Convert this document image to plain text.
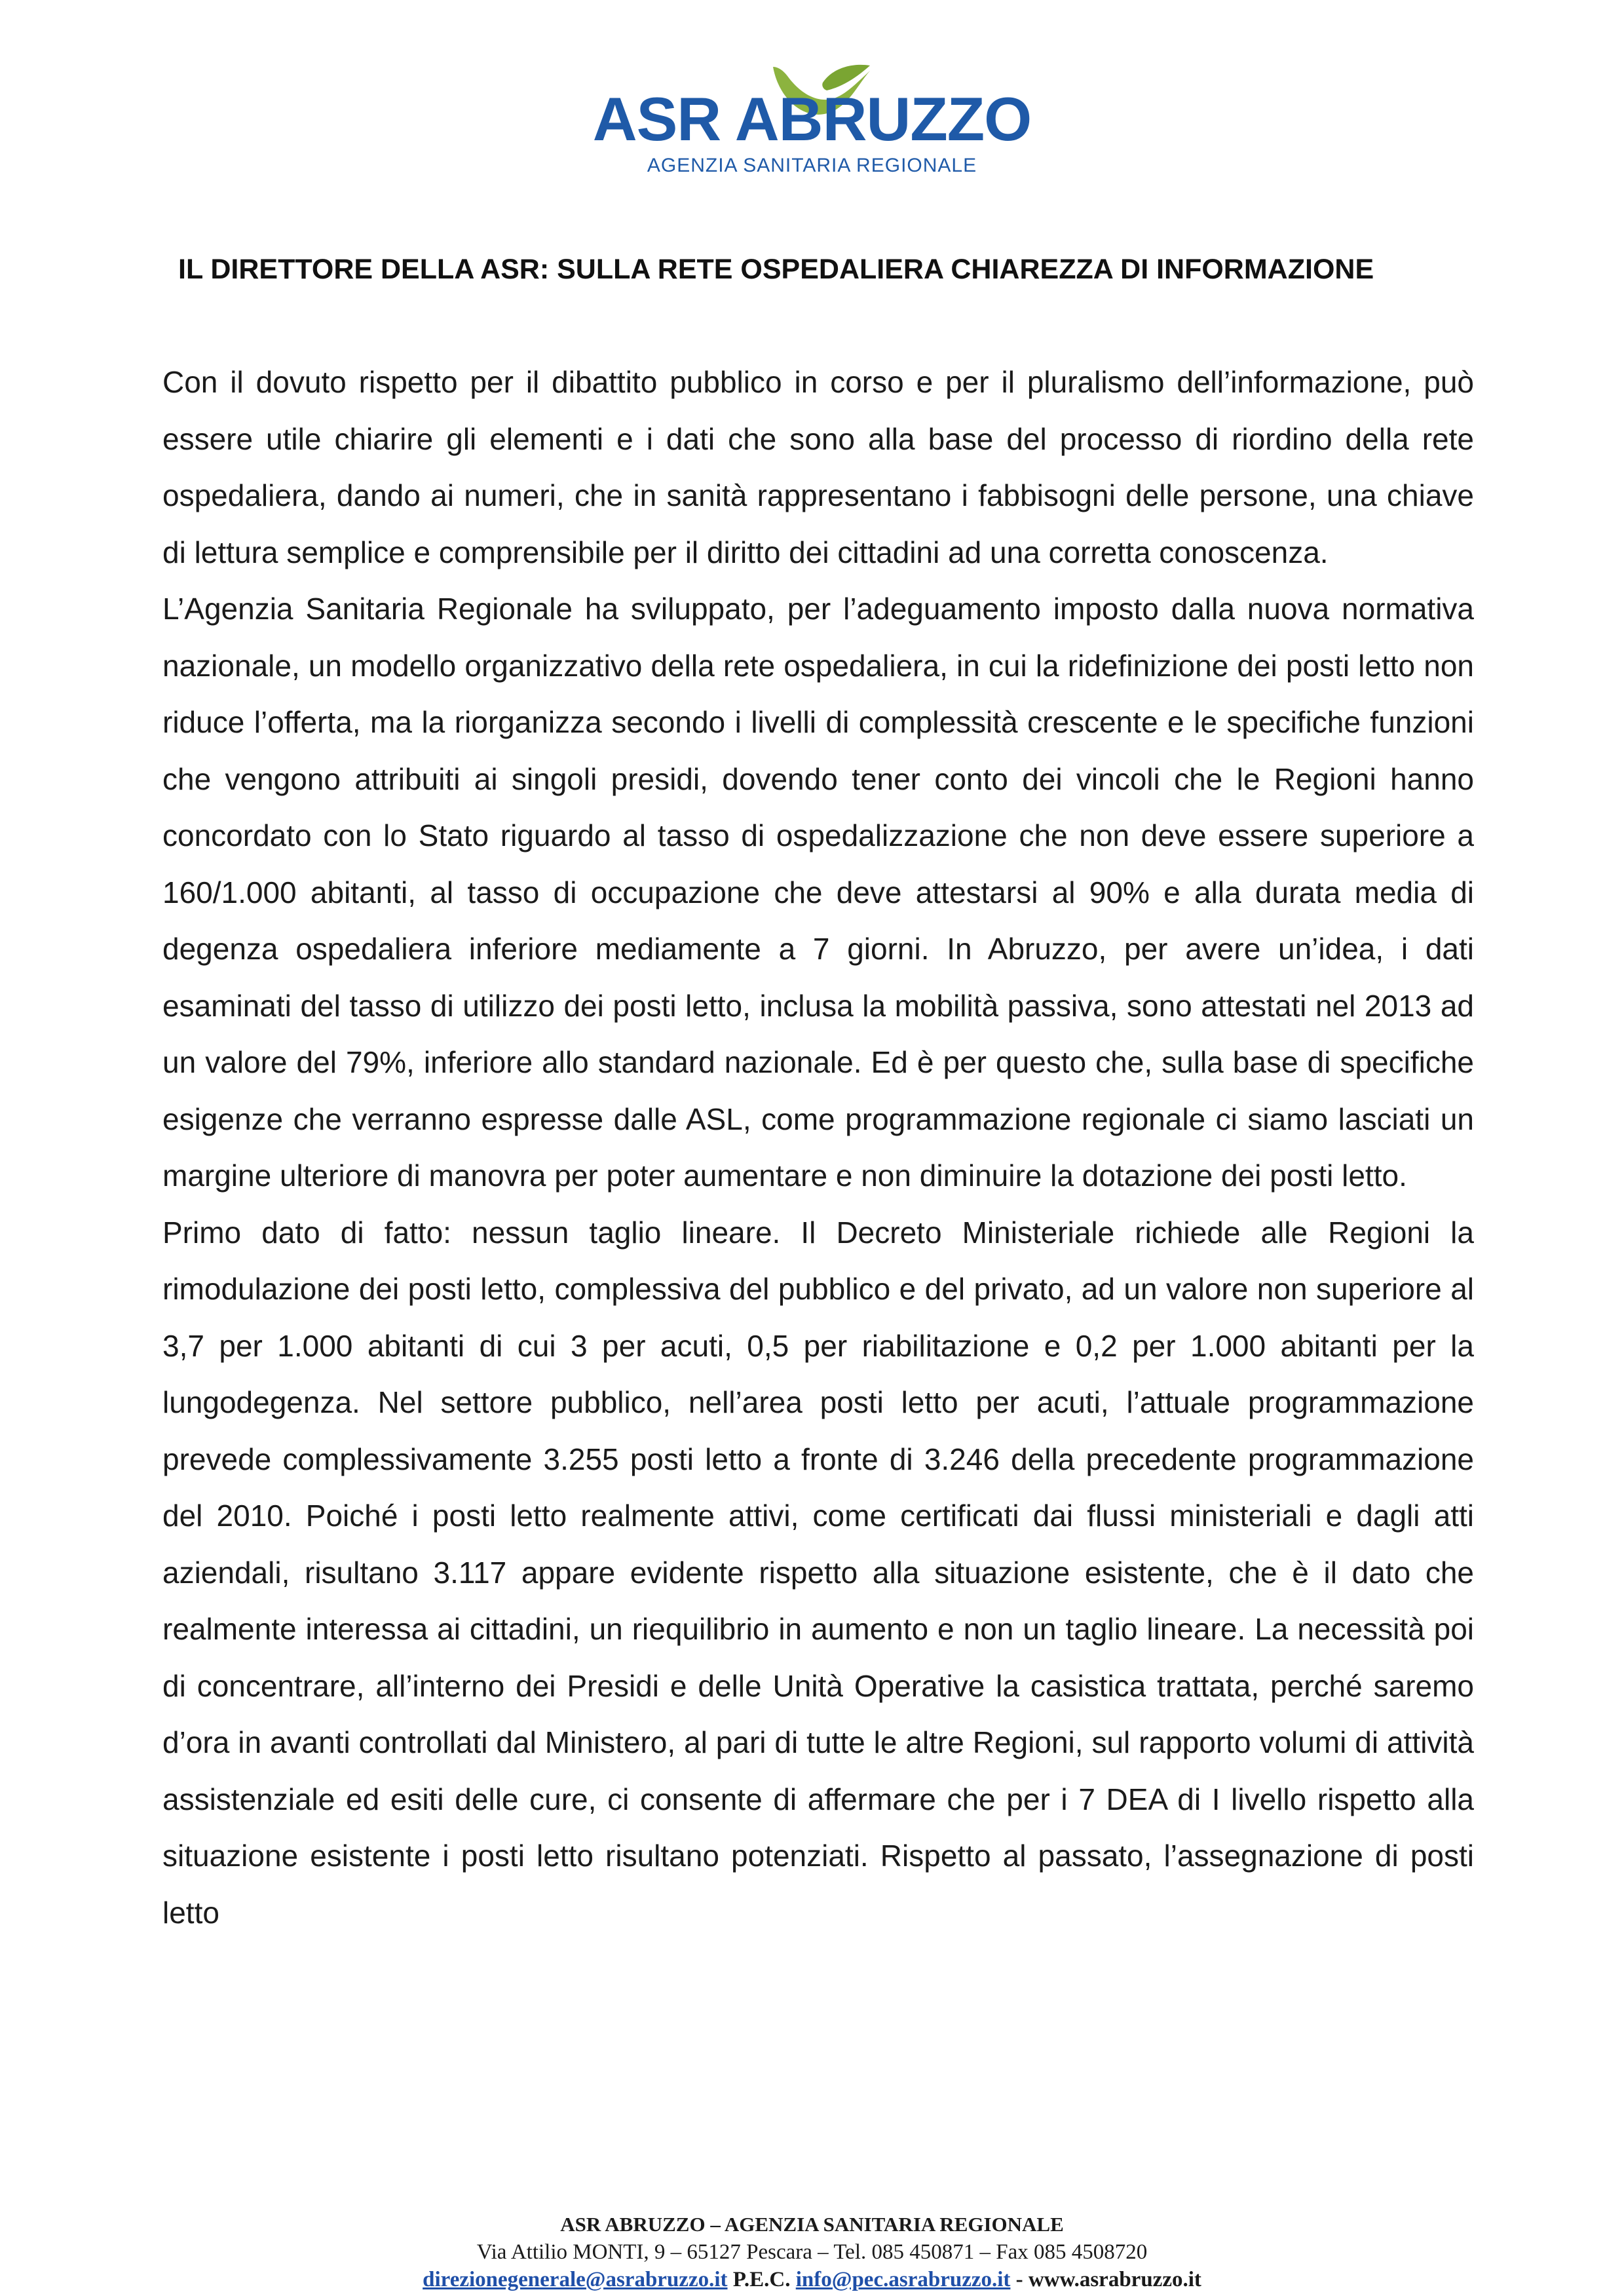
ASR ABRUZZO
AGENZIA SANITARIA REGIONALE
IL DIRETTORE DELLA ASR: SULLA RETE OSPEDALIERA CHIAREZZA DI INFORMAZIONE

Con il dovuto rispetto per il dibattito pubblico in corso e per il pluralismo dell’informazione, può essere utile chiarire gli elementi e i dati che sono alla base del processo di riordino della rete ospedaliera, dando ai numeri, che in sanità rappresentano i fabbisogni delle persone, una chiave di lettura semplice e comprensibile per il diritto dei cittadini ad una corretta conoscenza.

L’Agenzia Sanitaria Regionale ha sviluppato, per l’adeguamento imposto dalla nuova normativa nazionale, un modello organizzativo della rete ospedaliera, in cui la ridefinizione dei posti letto non riduce l’offerta, ma la riorganizza secondo i livelli di complessità crescente e le specifiche funzioni che vengono attribuiti ai singoli presidi, dovendo tener conto dei vincoli che le Regioni hanno concordato con lo Stato riguardo al tasso di ospedalizzazione che non deve essere superiore a 160/1.000 abitanti, al tasso di occupazione che deve attestarsi al 90% e alla durata media di degenza ospedaliera inferiore mediamente a 7 giorni. In Abruzzo, per avere un’idea, i dati esaminati del tasso di utilizzo dei posti letto, inclusa la mobilità passiva, sono attestati nel 2013 ad un valore del 79%, inferiore allo standard nazionale. Ed è per questo che, sulla base di specifiche esigenze che verranno espresse dalle ASL, come programmazione regionale ci siamo lasciati un margine ulteriore di manovra per poter aumentare e non diminuire la dotazione dei posti letto.

Primo dato di fatto: nessun taglio lineare. Il Decreto Ministeriale richiede alle Regioni la rimodulazione dei posti letto, complessiva del pubblico e del privato, ad un valore non superiore al 3,7 per 1.000 abitanti di cui 3 per acuti, 0,5 per riabilitazione e 0,2 per 1.000 abitanti per la lungodegenza. Nel settore pubblico, nell’area posti letto per acuti, l’attuale programmazione prevede complessivamente 3.255 posti letto a fronte di 3.246 della precedente programmazione del 2010. Poiché i posti letto realmente attivi, come certificati dai flussi ministeriali e dagli atti aziendali, risultano 3.117 appare evidente rispetto alla situazione esistente, che è il dato che realmente interessa ai cittadini, un riequilibrio in aumento e non un taglio lineare. La necessità poi di concentrare, all’interno dei Presidi e delle Unità Operative la casistica trattata, perché saremo d’ora in avanti controllati dal Ministero, al pari di tutte le altre Regioni, sul rapporto volumi di attività assistenziale ed esiti delle cure, ci consente di affermare che per i 7 DEA di I livello rispetto alla situazione esistente i posti letto risultano potenziati. Rispetto al passato, l’assegnazione di posti letto

ASR ABRUZZO – AGENZIA SANITARIA REGIONALE
Via Attilio MONTI, 9 – 65127 Pescara – Tel. 085 450871 – Fax 085 4508720
direzionegenerale@asrabruzzo.it P.E.C. info@pec.asrabruzzo.it - www.asrabruzzo.it
